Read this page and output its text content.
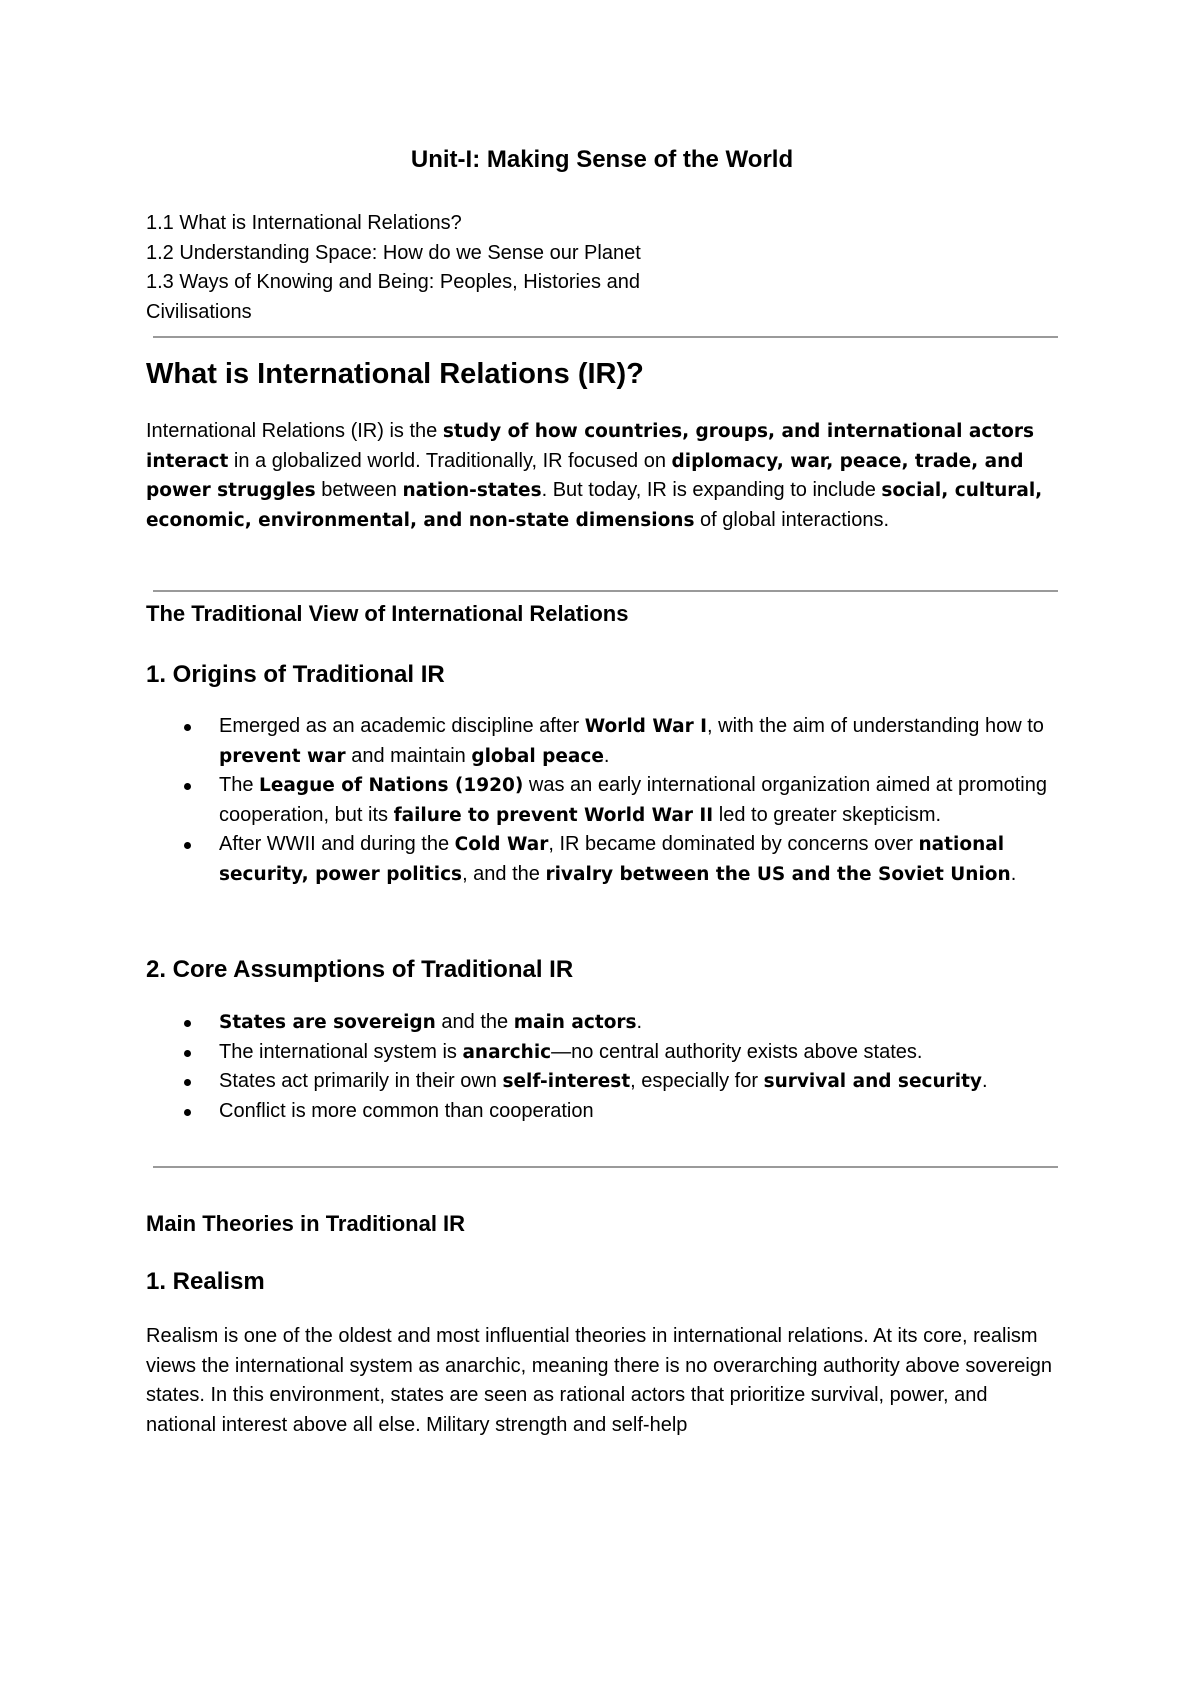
Unit-I: Making Sense of the World
1.1 What is International Relations?
1.2 Understanding Space: How do we Sense our Planet
1.3 Ways of Knowing and Being: Peoples, Histories and
Civilisations
What is International Relations (IR)?
International Relations (IR) is the study of how countries, groups, and international actors interact in a globalized world. Traditionally, IR focused on diplomacy, war, peace, trade, and power struggles between nation-states. But today, IR is expanding to include social, cultural, economic, environmental, and non-state dimensions of global interactions.
The Traditional View of International Relations
1. Origins of Traditional IR
Emerged as an academic discipline after World War I, with the aim of understanding how to prevent war and maintain global peace.
The League of Nations (1920) was an early international organization aimed at promoting cooperation, but its failure to prevent World War II led to greater skepticism.
After WWII and during the Cold War, IR became dominated by concerns over national security, power politics, and the rivalry between the US and the Soviet Union.
2. Core Assumptions of Traditional IR
States are sovereign and the main actors.
The international system is anarchic—no central authority exists above states.
States act primarily in their own self-interest, especially for survival and security.
Conflict is more common than cooperation
Main Theories in Traditional IR
1. Realism
Realism is one of the oldest and most influential theories in international relations. At its core, realism views the international system as anarchic, meaning there is no overarching authority above sovereign states. In this environment, states are seen as rational actors that prioritize survival, power, and national interest above all else. Military strength and self-help
